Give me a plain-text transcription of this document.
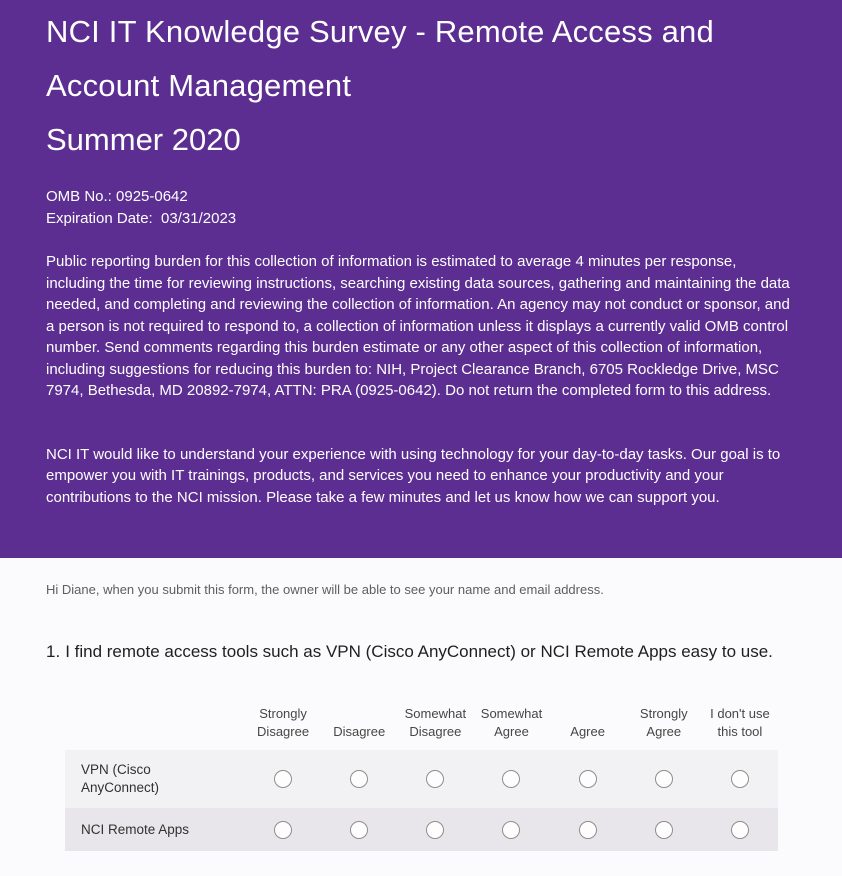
NCI IT Knowledge Survey - Remote Access and Account Management
Summer 2020
OMB No.: 0925-0642
Expiration Date:  03/31/2023
Public reporting burden for this collection of information is estimated to average 4 minutes per response, including the time for reviewing instructions, searching existing data sources, gathering and maintaining the data needed, and completing and reviewing the collection of information. An agency may not conduct or sponsor, and a person is not required to respond to, a collection of information unless it displays a currently valid OMB control number. Send comments regarding this burden estimate or any other aspect of this collection of information, including suggestions for reducing this burden to: NIH, Project Clearance Branch, 6705 Rockledge Drive, MSC 7974, Bethesda, MD 20892-7974, ATTN: PRA (0925-0642). Do not return the completed form to this address.
NCI IT would like to understand your experience with using technology for your day-to-day tasks. Our goal is to empower you with IT trainings, products, and services you need to enhance your productivity and your contributions to the NCI mission. Please take a few minutes and let us know how we can support you.
Hi Diane, when you submit this form, the owner will be able to see your name and email address.
1. I find remote access tools such as VPN (Cisco AnyConnect) or NCI Remote Apps easy to use.
Strongly Disagree	Disagree
Somewhat Disagree
Somewhat Agree	Agree
Strongly Agree
I don't use this tool
VPN (Cisco AnyConnect)
NCI Remote Apps
